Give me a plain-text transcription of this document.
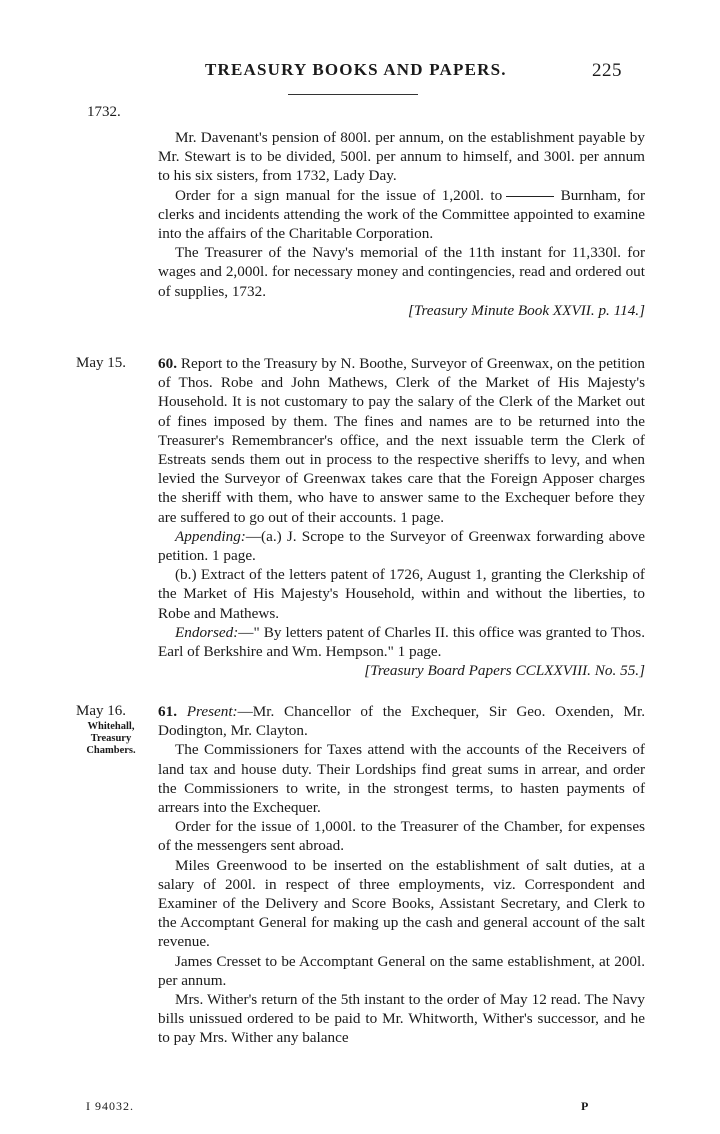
TREASURY BOOKS AND PAPERS.	225
1732.

Mr. Davenant's pension of 800l. per annum, on the establishment payable by Mr. Stewart is to be divided, 500l. per annum to himself, and 300l. per annum to his six sisters, from 1732, Lady Day.

Order for a sign manual for the issue of 1,200l. to	Burnham, for clerks and incidents attending the work of the Committee appointed to examine into the affairs of the Charitable Corporation.

The Treasurer of the Navy's memorial of the 11th instant for 11,330l. for wages and 2,000l. for necessary money and contingencies, read and ordered out of supplies, 1732.

[Treasury Minute Book XXVII. p. 114.]
May 15. 60. Report to the Treasury by N. Boothe, Surveyor of Greenwax, on the petition of Thos. Robe and John Mathews, Clerk of the Market of His Majesty's Household. It is not customary to pay the salary of the Clerk of the Market out of fines imposed by them. The fines and names are to be returned into the Treasurer's Remembrancer's office, and the next issuable term the Clerk of Estreats sends them out in process to the respective sheriffs to levy, and when levied the Surveyor of Greenwax takes care that the Foreign Apposer charges the sheriff with them, who have to answer same to the Exchequer before they are suffered to go out of their accounts. 1 page.

Appending:—(a.) J. Scrope to the Surveyor of Greenwax forwarding above petition. 1 page.

(b.) Extract of the letters patent of 1726, August 1, granting the Clerkship of the Market of His Majesty's Household, within and without the liberties, to Robe and Mathews.

Endorsed:—" By letters patent of Charles II. this office was granted to Thos. Earl of Berkshire and Wm. Hempson." 1 page.

[Treasury Board Papers CCLXXVIII. No. 55.]
May 16.
Whitehall,
Treasury
Chambers.

61. Present:—Mr. Chancellor of the Exchequer, Sir Geo. Oxenden, Mr. Dodington, Mr. Clayton.

The Commissioners for Taxes attend with the accounts of the Receivers of land tax and house duty. Their Lordships find great sums in arrear, and order the Commissioners to write, in the strongest terms, to hasten payments of arrears into the Exchequer.

Order for the issue of 1,000l. to the Treasurer of the Chamber, for expenses of the messengers sent abroad.

Miles Greenwood to be inserted on the establishment of salt duties, at a salary of 200l. in respect of three employments, viz. Correspondent and Examiner of the Delivery and Score Books, Assistant Secretary, and Clerk to the Accomptant General for making up the cash and general account of the salt revenue.

James Cresset to be Accomptant General on the same establishment, at 200l. per annum.

Mrs. Wither's return of the 5th instant to the order of May 12 read. The Navy bills unissued ordered to be paid to Mr. Whitworth, Wither's successor, and he to pay Mrs. Wither any balance

I 94032.	P
